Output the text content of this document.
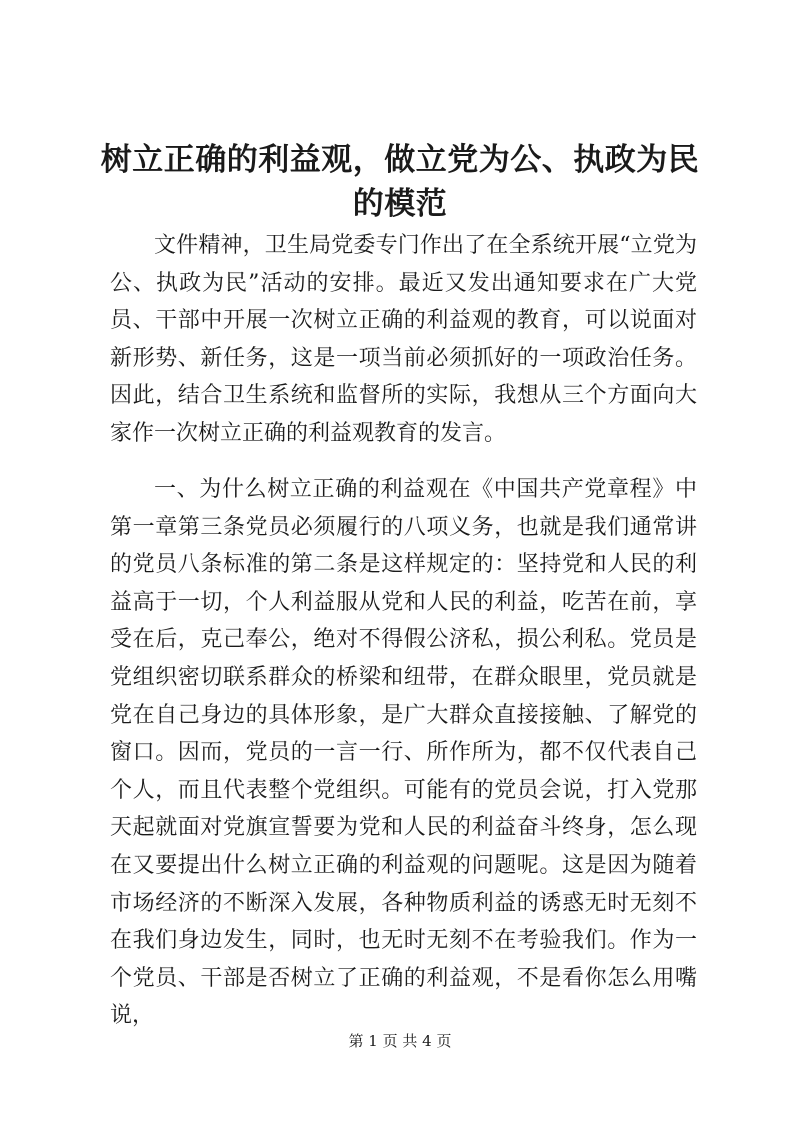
树立正确的利益观，做立党为公、执政为民的模范

文件精神，卫生局党委专门作出了在全系统开展“立党为公、执政为民”活动的安排。最近又发出通知要求在广大党员、干部中开展一次树立正确的利益观的教育，可以说面对新形势、新任务，这是一项当前必须抓好的一项政治任务。因此，结合卫生系统和监督所的实际，我想从三个方面向大家作一次树立正确的利益观教育的发言。

一、为什么树立正确的利益观在《中国共产党章程》中第一章第三条党员必须履行的八项义务，也就是我们通常讲的党员八条标准的第二条是这样规定的：坚持党和人民的利益高于一切，个人利益服从党和人民的利益，吃苦在前，享受在后，克己奉公，绝对不得假公济私，损公利私。党员是党组织密切联系群众的桥梁和纽带，在群众眼里，党员就是党在自己身边的具体形象，是广大群众直接接触、了解党的窗口。因而，党员的一言一行、所作所为，都不仅代表自己个人，而且代表整个党组织。可能有的党员会说，打入党那天起就面对党旗宣誓要为党和人民的利益奋斗终身，怎么现在又要提出什么树立正确的利益观的问题呢。这是因为随着市场经济的不断深入发展，各种物质利益的诱惑无时无刻不在我们身边发生，同时，也无时无刻不在考验我们。作为一个党员、干部是否树立了正确的利益观，不是看你怎么用嘴说，

第 1 页 共 4 页
